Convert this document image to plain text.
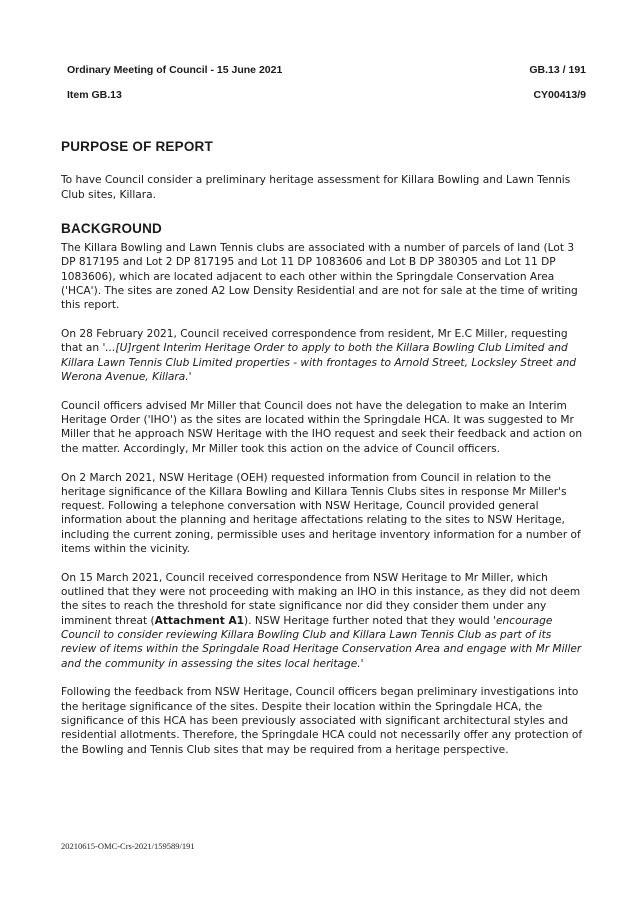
Ordinary Meeting of Council - 15 June 2021
Item GB.13
GB.13 / 191
CY00413/9
PURPOSE OF REPORT

To have Council consider a preliminary heritage assessment for Killara Bowling and Lawn Tennis Club sites, Killara.

BACKGROUND

The Killara Bowling and Lawn Tennis clubs are associated with a number of parcels of land (Lot 3 DP 817195 and Lot 2 DP 817195 and Lot 11 DP 1083606 and Lot B DP 380305 and Lot 11 DP 1083606), which are located adjacent to each other within the Springdale Conservation Area ('HCA'). The sites are zoned A2 Low Density Residential and are not for sale at the time of writing this report.

On 28 February 2021, Council received correspondence from resident, Mr E.C Miller, requesting that an '...[U]rgent Interim Heritage Order to apply to both the Killara Bowling Club Limited and Killara Lawn Tennis Club Limited properties - with frontages to Arnold Street, Locksley Street and Werona Avenue, Killara.'

Council officers advised Mr Miller that Council does not have the delegation to make an Interim Heritage Order ('IHO') as the sites are located within the Springdale HCA. It was suggested to Mr Miller that he approach NSW Heritage with the IHO request and seek their feedback and action on the matter. Accordingly, Mr Miller took this action on the advice of Council officers.

On 2 March 2021, NSW Heritage (OEH) requested information from Council in relation to the heritage significance of the Killara Bowling and Killara Tennis Clubs sites in response Mr Miller's request. Following a telephone conversation with NSW Heritage, Council provided general information about the planning and heritage affectations relating to the sites to NSW Heritage, including the current zoning, permissible uses and heritage inventory information for a number of items within the vicinity.

On 15 March 2021, Council received correspondence from NSW Heritage to Mr Miller, which outlined that they were not proceeding with making an IHO in this instance, as they did not deem the sites to reach the threshold for state significance nor did they consider them under any imminent threat (Attachment A1). NSW Heritage further noted that they would 'encourage Council to consider reviewing Killara Bowling Club and Killara Lawn Tennis Club as part of its review of items within the Springdale Road Heritage Conservation Area and engage with Mr Miller and the community in assessing the sites local heritage.'

Following the feedback from NSW Heritage, Council officers began preliminary investigations into the heritage significance of the sites. Despite their location within the Springdale HCA, the significance of this HCA has been previously associated with significant architectural styles and residential allotments. Therefore, the Springdale HCA could not necessarily offer any protection of the Bowling and Tennis Club sites that may be required from a heritage perspective.

20210615-OMC-Crs-2021/159589/191
